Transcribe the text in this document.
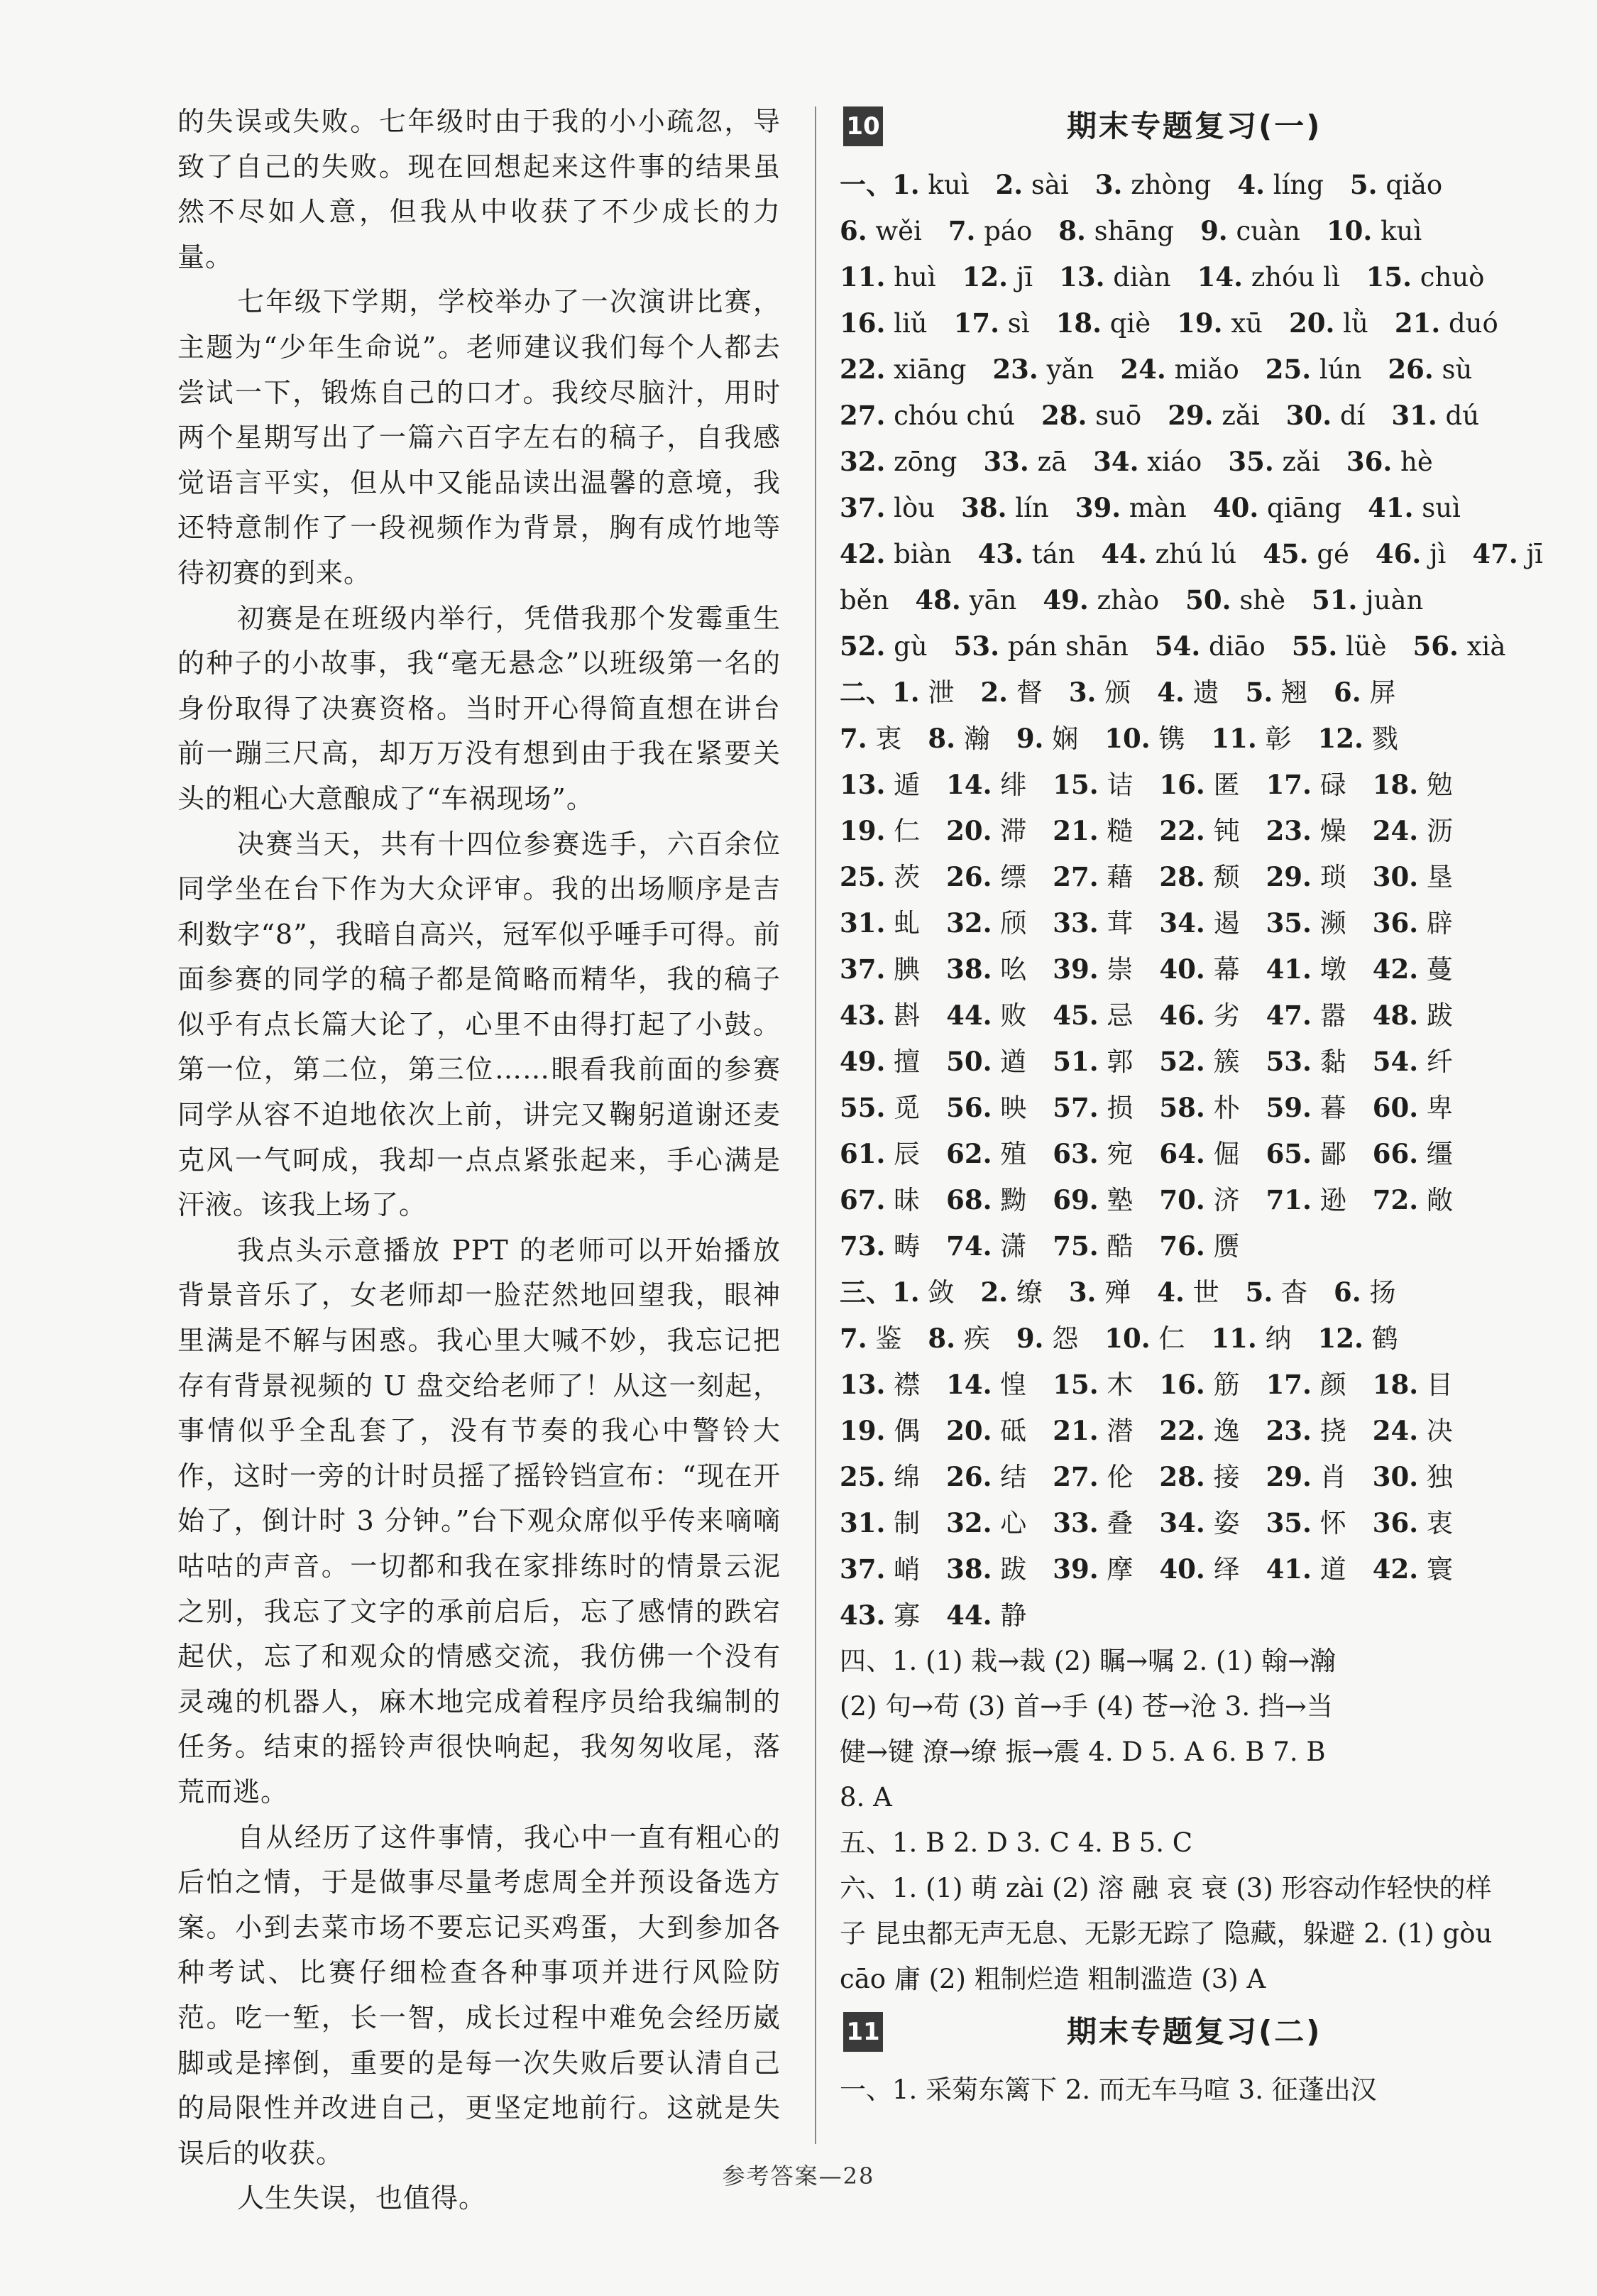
的失误或失败。七年级时由于我的小小疏忽，导致了自己的失败。现在回想起来这件事的结果虽然不尽如人意，但我从中收获了不少成长的力量。

七年级下学期，学校举办了一次演讲比赛，主题为“少年生命说”。老师建议我们每个人都去尝试一下，锻炼自己的口才。我绞尽脑汁，用时两个星期写出了一篇六百字左右的稿子，自我感觉语言平实，但从中又能品读出温馨的意境，我还特意制作了一段视频作为背景，胸有成竹地等待初赛的到来。

初赛是在班级内举行，凭借我那个发霉重生的种子的小故事，我“毫无悬念”以班级第一名的身份取得了决赛资格。当时开心得简直想在讲台前一蹦三尺高，却万万没有想到由于我在紧要关头的粗心大意酿成了“车祸现场”。

决赛当天，共有十四位参赛选手，六百余位同学坐在台下作为大众评审。我的出场顺序是吉利数字“8”，我暗自高兴，冠军似乎唾手可得。前面参赛的同学的稿子都是简略而精华，我的稿子似乎有点长篇大论了，心里不由得打起了小鼓。第一位，第二位，第三位……眼看我前面的参赛同学从容不迫地依次上前，讲完又鞠躬道谢还麦克风一气呵成，我却一点点紧张起来，手心满是汗液。该我上场了。

我点头示意播放 PPT 的老师可以开始播放背景音乐了，女老师却一脸茫然地回望我，眼神里满是不解与困惑。我心里大喊不妙，我忘记把存有背景视频的 U 盘交给老师了！从这一刻起，事情似乎全乱套了，没有节奏的我心中警铃大作，这时一旁的计时员摇了摇铃铛宣布：“现在开始了，倒计时 3 分钟。”台下观众席似乎传来嘀嘀咕咕的声音。一切都和我在家排练时的情景云泥之别，我忘了文字的承前启后，忘了感情的跌宕起伏，忘了和观众的情感交流，我仿佛一个没有灵魂的机器人，麻木地完成着程序员给我编制的任务。结束的摇铃声很快响起，我匆匆收尾，落荒而逃。

自从经历了这件事情，我心中一直有粗心的后怕之情，于是做事尽量考虑周全并预设备选方案。小到去菜市场不要忘记买鸡蛋，大到参加各种考试、比赛仔细检查各种事项并进行风险防范。吃一堑，长一智，成长过程中难免会经历崴脚或是摔倒，重要的是每一次失败后要认清自己的局限性并改进自己，更坚定地前行。这就是失误后的收获。

人生失误，也值得。

10	期末专题复习(一)

一、1. kuì  2. sài  3. zhòng  4. líng  5. qiǎo

6. wěi  7. páo  8. shāng  9. cuàn  10. kuì

11. huì  12. jī  13. diàn  14. zhóu lì  15. chuò

16. liǔ  17. sì  18. qiè  19. xū  20. lǜ  21. duó

22. xiāng  23. yǎn  24. miǎo  25. lún  26. sù

27. chóu chú  28. suō  29. zǎi  30. dí  31. dú

32. zōng  33. zā  34. xiáo  35. zǎi  36. hè

37. lòu  38. lín  39. màn  40. qiāng  41. suì

42. biàn  43. tán  44. zhú lú  45. gé  46. jì  47. jī

běn  48. yān  49. zhào  50. shè  51. juàn

52. gù  53. pán shān  54. diāo  55. lüè  56. xià

二、1. 泄  2. 督  3. 颁  4. 遗  5. 翘  6. 屏

7. 衷  8. 瀚  9. 娴  10. 镌  11. 彰  12. 戮

13. 遁  14. 绯  15. 诘  16. 匿  17. 碌  18. 勉

19. 仁  20. 滞  21. 糙  22. 钝  23. 燥  24. 沥

25. 茨  26. 缥  27. 藉  28. 颓  29. 琐  30. 垦

31. 虬  32. 颀  33. 茸  34. 遏  35. 濒  36. 辟

37. 腆  38. 吆  39. 崇  40. 幕  41. 墩  42. 蔓

43. 斟  44. 败  45. 忌  46. 劣  47. 嚣  48. 跋

49. 擅  50. 遒  51. 郭  52. 簇  53. 黏  54. 纤

55. 觅  56. 映  57. 损  58. 朴  59. 暮  60. 卑

61. 辰  62. 殖  63. 宛  64. 倔  65. 鄙  66. 缰

67. 昧  68. 黝  69. 塾  70. 济  71. 逊  72. 敞

73. 畴  74. 潇  75. 酷  76. 赝

三、1. 敛  2. 缭  3. 殚  4. 世  5. 杳  6. 扬

7. 鉴  8. 疾  9. 怨  10. 仁  11. 纳  12. 鹤

13. 襟  14. 惶  15. 木  16. 筋  17. 颜  18. 目

19. 偶  20. 砥  21. 潜  22. 逸  23. 挠  24. 决

25. 绵  26. 结  27. 伦  28. 接  29. 肖  30. 独

31. 制  32. 心  33. 叠  34. 姿  35. 怀  36. 衷

37. 峭  38. 跋  39. 摩  40. 绎  41. 道  42. 寰

43. 寡  44. 静

四、1. (1) 栽→裁 (2) 瞩→嘱 2. (1) 翰→瀚

(2) 句→苟 (3) 首→手 (4) 苍→沧 3. 挡→当

健→键 潦→缭 振→震 4. D 5. A 6. B 7. B

8. A

五、1. B 2. D 3. C 4. B 5. C

六、1. (1) 萌 zài (2) 溶 融 哀 衰 (3) 形容动作轻快的样子 昆虫都无声无息、无影无踪了 隐藏，躲避 2. (1) gòu cāo 庸 (2) 粗制烂造 粗制滥造 (3) A

11	期末专题复习(二)

一、1. 采菊东篱下 2. 而无车马喧 3. 征蓬出汉

参考答案—28
